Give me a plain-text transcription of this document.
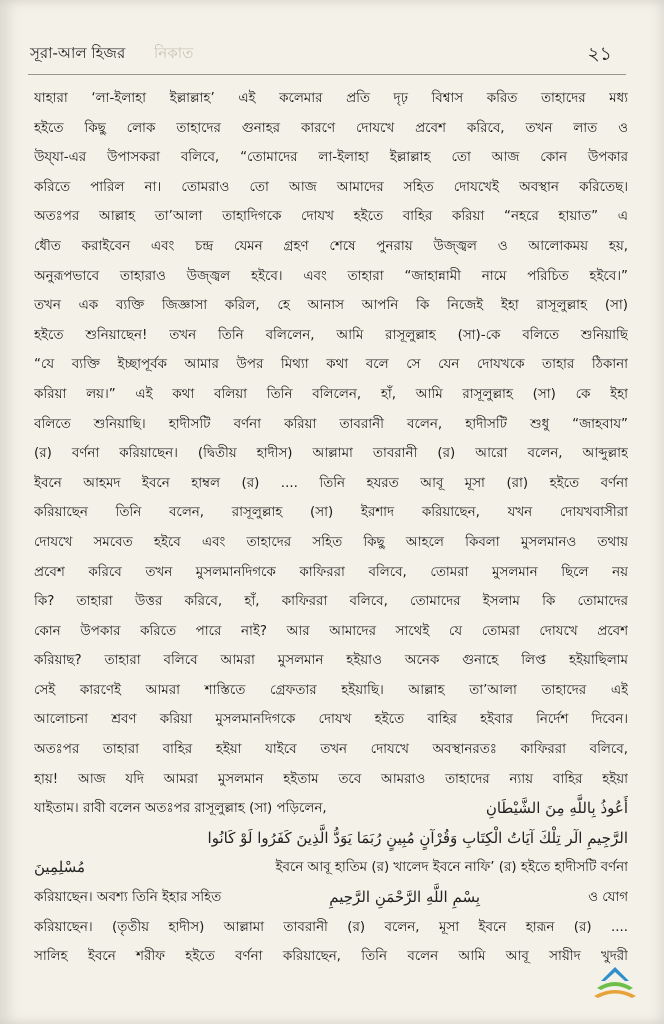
সূরা-আল হিজর নিকাত	২১
যাহারা ‘লা-ইলাহা ইল্লাল্লাহ’ এই কলেমার প্রতি দৃঢ় বিশ্বাস করিত তাহাদের মধ্য
হইতে কিছু লোক তাহাদের গুনাহর কারণে দোযখে প্রবেশ করিবে, তখন লাত ও
উয্‌যা-এর উপাসকরা বলিবে, “তোমাদের লা-ইলাহা ইল্লাল্লাহ তো আজ কোন উপকার
করিতে পারিল না। তোমরাও তো আজ আমাদের সহিত দোযখেই অবস্থান করিতেছ।
অতঃপর আল্লাহ তা’আলা তাহাদিগকে দোযখ হইতে বাহির করিয়া “নহরে হায়াত” এ
ধৌত করাইবেন এবং চন্দ্র যেমন গ্রহণ শেষে পুনরায় উজ্জ্বল ও আলোকময় হয়,
অনুরূপভাবে তাহারাও উজ্জ্বল হইবে। এবং তাহারা “জাহান্নামী নামে পরিচিত হইবে।”
তখন এক ব্যক্তি জিজ্ঞাসা করিল, হে আনাস আপনি কি নিজেই ইহা রাসূলুল্লাহ (সা)
হইতে শুনিয়াছেন! তখন তিনি বলিলেন, আমি রাসূলুল্লাহ (সা)-কে বলিতে শুনিয়াছি
“যে ব্যক্তি ইচ্ছাপূর্বক আমার উপর মিথ্যা কথা বলে সে যেন দোযখকে তাহার ঠিকানা
করিয়া লয়।” এই কথা বলিয়া তিনি বলিলেন, হাঁ, আমি রাসূলুল্লাহ (সা) কে ইহা
বলিতে শুনিয়াছি। হাদীসটি বর্ণনা করিয়া তাবরানী বলেন, হাদীসটি শুধু “জাহবায”
(র) বর্ণনা করিয়াছেন। (দ্বিতীয় হাদীস) আল্লামা তাবরানী (র) আরো বলেন, আব্দুল্লাহ
ইবনে আহমদ ইবনে হাম্বল (র) .... তিনি হযরত আবূ মূসা (রা) হইতে বর্ণনা
করিয়াছেন তিনি বলেন, রাসূলুল্লাহ (সা) ইরশাদ করিয়াছেন, যখন দোযখবাসীরা
দোযখে সমবেত হইবে এবং তাহাদের সহিত কিছু আহলে কিবলা মুসলমানও তথায়
প্রবেশ করিবে তখন মুসলমানদিগকে কাফিররা বলিবে, তোমরা মুসলমান ছিলে নয়
কি? তাহারা উত্তর করিবে, হাঁ, কাফিররা বলিবে, তোমাদের ইসলাম কি তোমাদের
কোন উপকার করিতে পারে নাই? আর আমাদের সাথেই যে তোমরা দোযখে প্রবেশ
করিয়াছ? তাহারা বলিবে আমরা মুসলমান হইয়াও অনেক গুনাহে লিপ্ত হইয়াছিলাম
সেই কারণেই আমরা শাস্তিতে গ্রেফতার হইয়াছি। আল্লাহ তা’আলা তাহাদের এই
আলোচনা শ্রবণ করিয়া মুসলমানদিগকে দোযখ হইতে বাহির হইবার নির্দেশ দিবেন।
অতঃপর তাহারা বাহির হইয়া যাইবে তখন দোযখে অবস্থানরতঃ কাফিররা বলিবে,
হায়! আজ যদি আমরা মুসলমান হইতাম তবে আমরাও তাহাদের ন্যায় বাহির হইয়া
যাইতাম। রাবী বলেন অতঃপর রাসূলুল্লাহ (সা) পড়িলেন,	أَعُوذُ بِاللَّهِ مِنَ الشَّيْطَانِ
الرَّجِيمِ الٓر تِلْكَ آيَاتُ الْكِتَابِ وَقُرْآنٍ مُبِينٍ رُبَمَا يَوَدُّ الَّذِينَ كَفَرُوا لَوْ كَانُوا
مُسْلِمِينَ	ইবনে আবূ হাতিম (র) খালেদ ইবনে নাফি’ (র) হইতে হাদীসটি বর্ণনা
করিয়াছেন। অবশ্য তিনি ইহার সহিত	بِسْمِ اللَّهِ الرَّحْمَنِ الرَّحِيمِ	ও যোগ
করিয়াছেন। (তৃতীয় হাদীস) আল্লামা তাবরানী (র) বলেন, মূসা ইবনে হারূন (র) ....
সালিহ ইবনে শরীফ হইতে বর্ণনা করিয়াছেন, তিনি বলেন আমি আবূ সায়ীদ খুদরী
